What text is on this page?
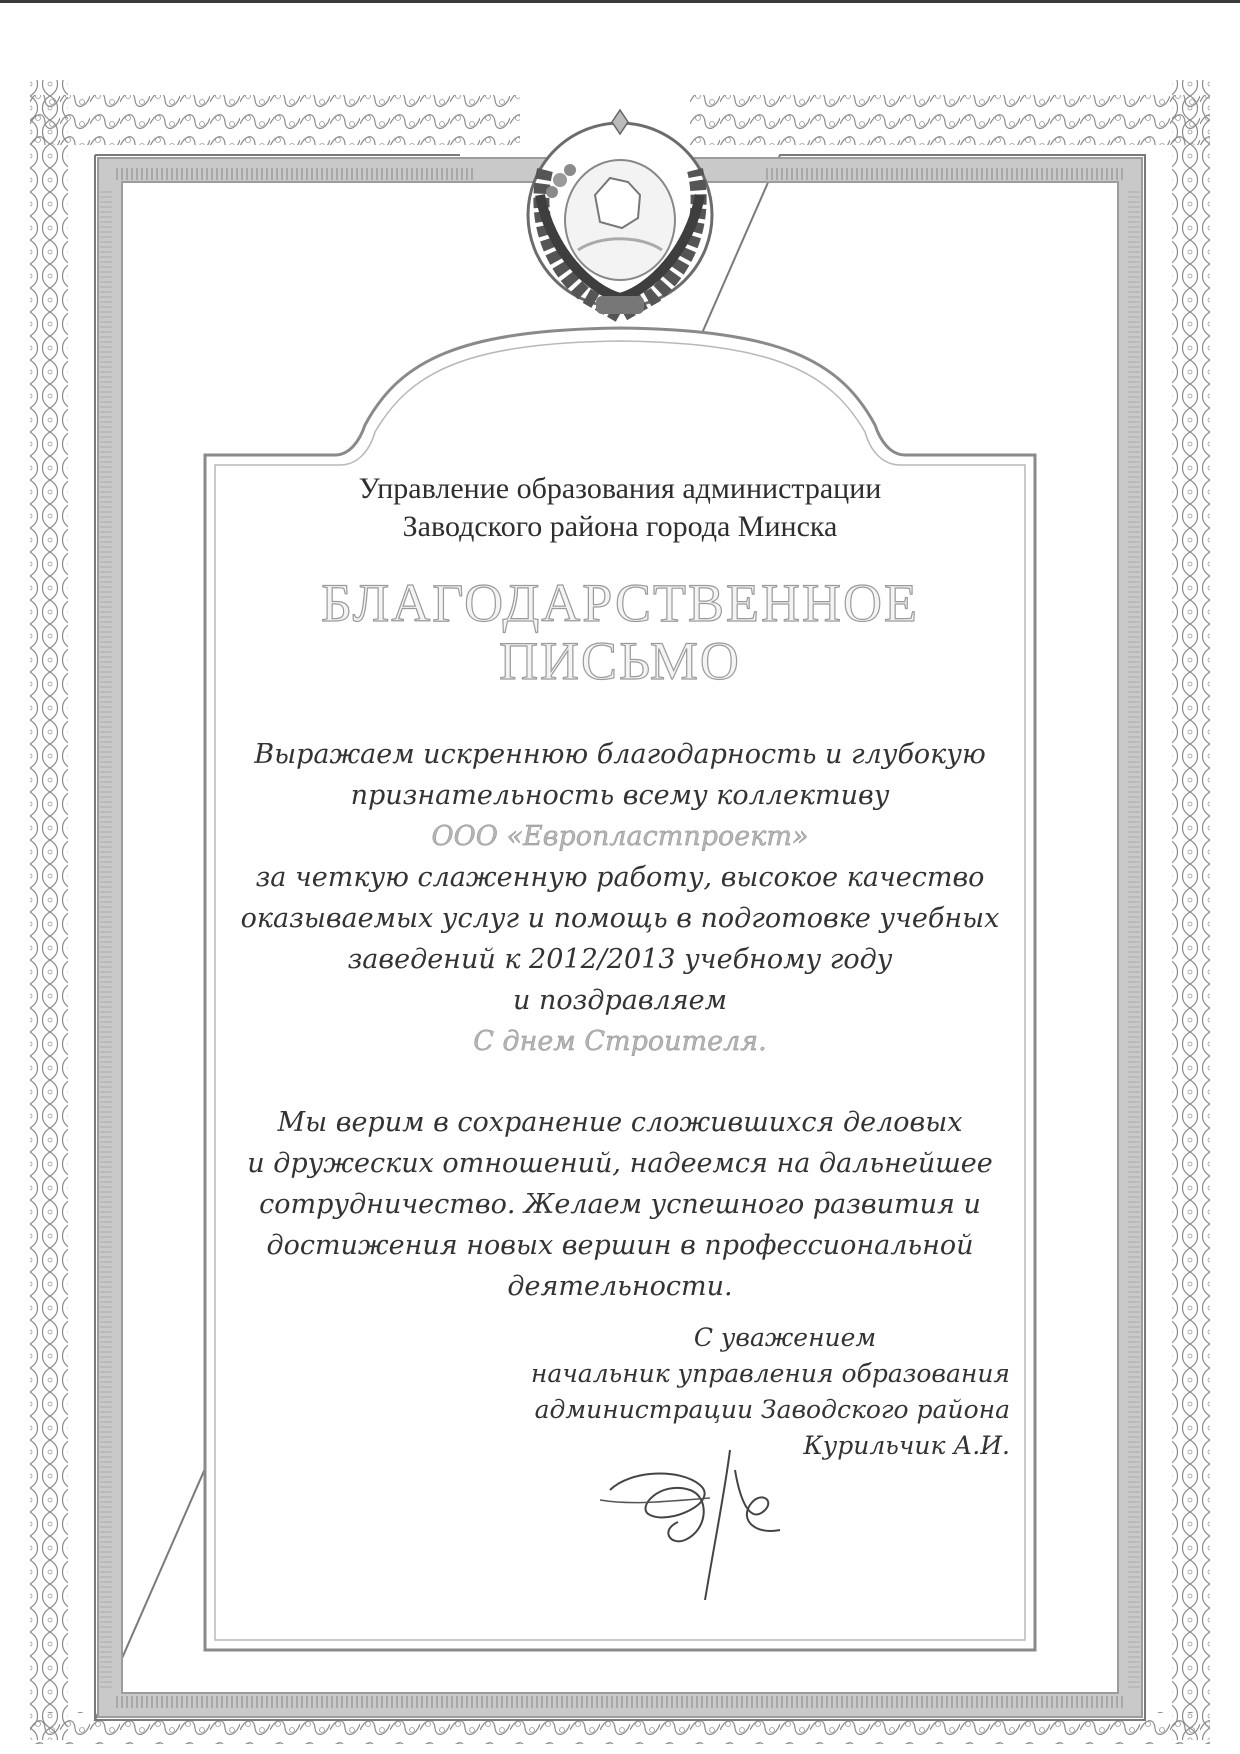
Управление образования администрации
Заводского района города Минска
БЛАГОДАРСТВЕННОЕ
ПИСЬМО
Выражаем искреннюю благодарность и глубокую
признательность всему коллективу
ООО «Европластпроект»
за четкую слаженную работу, высокое качество
оказываемых услуг и помощь в подготовке учебных
заведений к 2012/2013 учебному году
и поздравляем
С днем Строителя.
Мы верим в сохранение сложившихся деловых
и дружеских отношений, надеемся на дальнейшее
сотрудничество. Желаем успешного развития и
достижения новых вершин в профессиональной
деятельности.
С уважением
начальник управления образования
администрации Заводского района
Курильчик А.И.
